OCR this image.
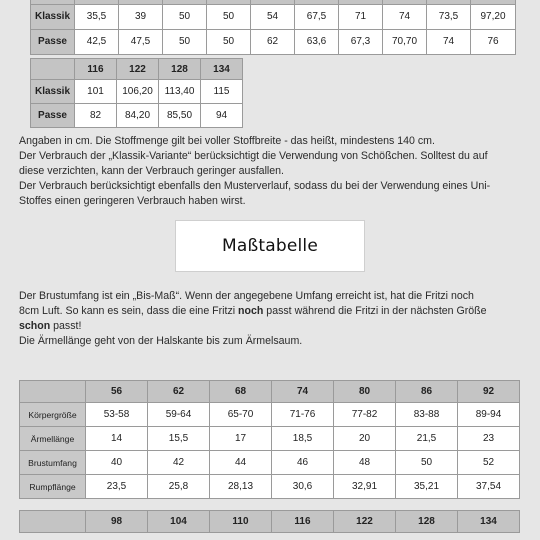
Klassik	35,5	39	50	50	54	67,5	71	74	73,5	97,20
Passe	42,5	47,5	50	50	62	63,6	67,3	70,70	74	76
	116	122	128	134
Klassik	101	106,20	113,40	115
Passe	82	84,20	85,50	94
Angaben in cm. Die Stoffmenge gilt bei voller Stoffbreite - das heißt, mindestens 140 cm.
Der Verbrauch der „Klassik-Variante“ berücksichtigt die Verwendung von Schößchen. Solltest du auf
diese verzichten, kann der Verbrauch geringer ausfallen.
Der Verbrauch berücksichtigt ebenfalls den Musterverlauf, sodass du bei der Verwendung eines Uni-
Stoffes einen geringeren Verbrauch haben wirst.
Maßtabelle
Der Brustumfang ist ein „Bis-Maß“. Wenn der angegebene Umfang erreicht ist, hat die Fritzi noch
8cm Luft. So kann es sein, dass die eine Fritzi noch passt während die Fritzi in der nächsten Größe
schon passt!
Die Ärmellänge geht von der Halskante bis zum Ärmelsaum.
	56	62	68	74	80	86	92
Körpergröße	53-58	59-64	65-70	71-76	77-82	83-88	89-94
Ärmellänge	14	15,5	17	18,5	20	21,5	23
Brustumfang	40	42	44	46	48	50	52
Rumpflänge	23,5	25,8	28,13	30,6	32,91	35,21	37,54
	98	104	110	116	122	128	134
